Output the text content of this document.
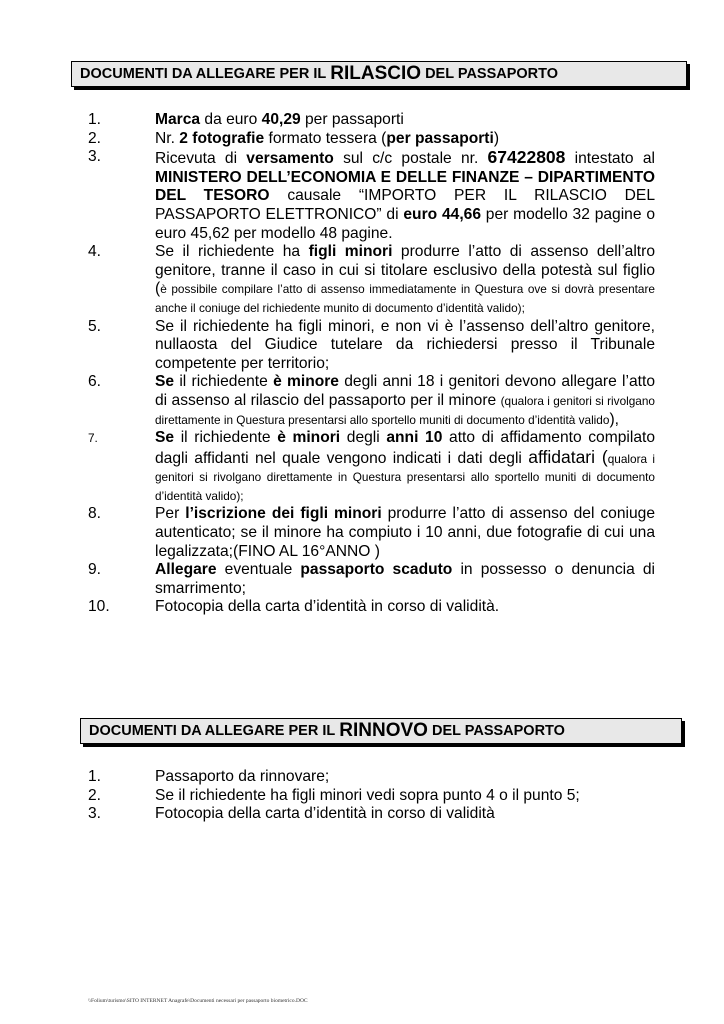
DOCUMENTI DA ALLEGARE PER IL
RILASCIO
DEL PASSAPORTO
1.	Marca da euro 40,29 per passaporti
2.	Nr. 2 fotografie formato tessera (per passaporti)
3.	Ricevuta di versamento sul c/c postale nr. 67422808 intestato al MINISTERO DELL’ECONOMIA E DELLE FINANZE – DIPARTIMENTO DEL TESORO causale “IMPORTO PER IL RILASCIO DEL PASSAPORTO ELETTRONICO” di euro 44,66 per modello 32 pagine o euro 45,62 per modello 48 pagine.
4.	Se il richiedente ha figli minori produrre l’atto di assenso dell’altro genitore, tranne il caso in cui si titolare esclusivo della potestà sul figlio (è possibile compilare l’atto di assenso immediatamente in Questura ove si dovrà presentare anche il coniuge del richiedente munito di documento d’identità valido);
5.	Se il richiedente ha figli minori, e non vi è l’assenso dell’altro genitore, nullaosta del Giudice tutelare da richiedersi presso il Tribunale competente per territorio;
6.	Se il richiedente è minore degli anni 18 i genitori devono allegare l’atto di assenso al rilascio del passaporto per il minore (qualora i genitori si rivolgano direttamente in Questura presentarsi allo sportello muniti di documento d’identità valido),
7.	Se il richiedente è minori degli anni 10 atto di affidamento compilato dagli affidanti nel quale vengono indicati i dati degli affidatari (qualora i genitori si rivolgano direttamente in Questura presentarsi allo sportello muniti di documento d’identità valido);
8.	Per l’iscrizione dei figli minori produrre l’atto di assenso del coniuge autenticato; se il minore ha compiuto i 10 anni, due fotografie di cui una legalizzata;(FINO AL 16°ANNO )
9.	Allegare eventuale passaporto scaduto in possesso o denuncia di smarrimento;
10.	Fotocopia della carta d’identità in corso di validità.
DOCUMENTI DA ALLEGARE PER IL
RINNOVO
DEL PASSAPORTO
1.	Passaporto da rinnovare;
2.	Se il richiedente ha figli minori vedi sopra punto 4 o il punto 5;
3.	Fotocopia della carta d’identità in corso di validità
\\Folium\turismo\SITO INTERNET Anagrafe\Documenti necessari per passaporto biometrico.DOC
